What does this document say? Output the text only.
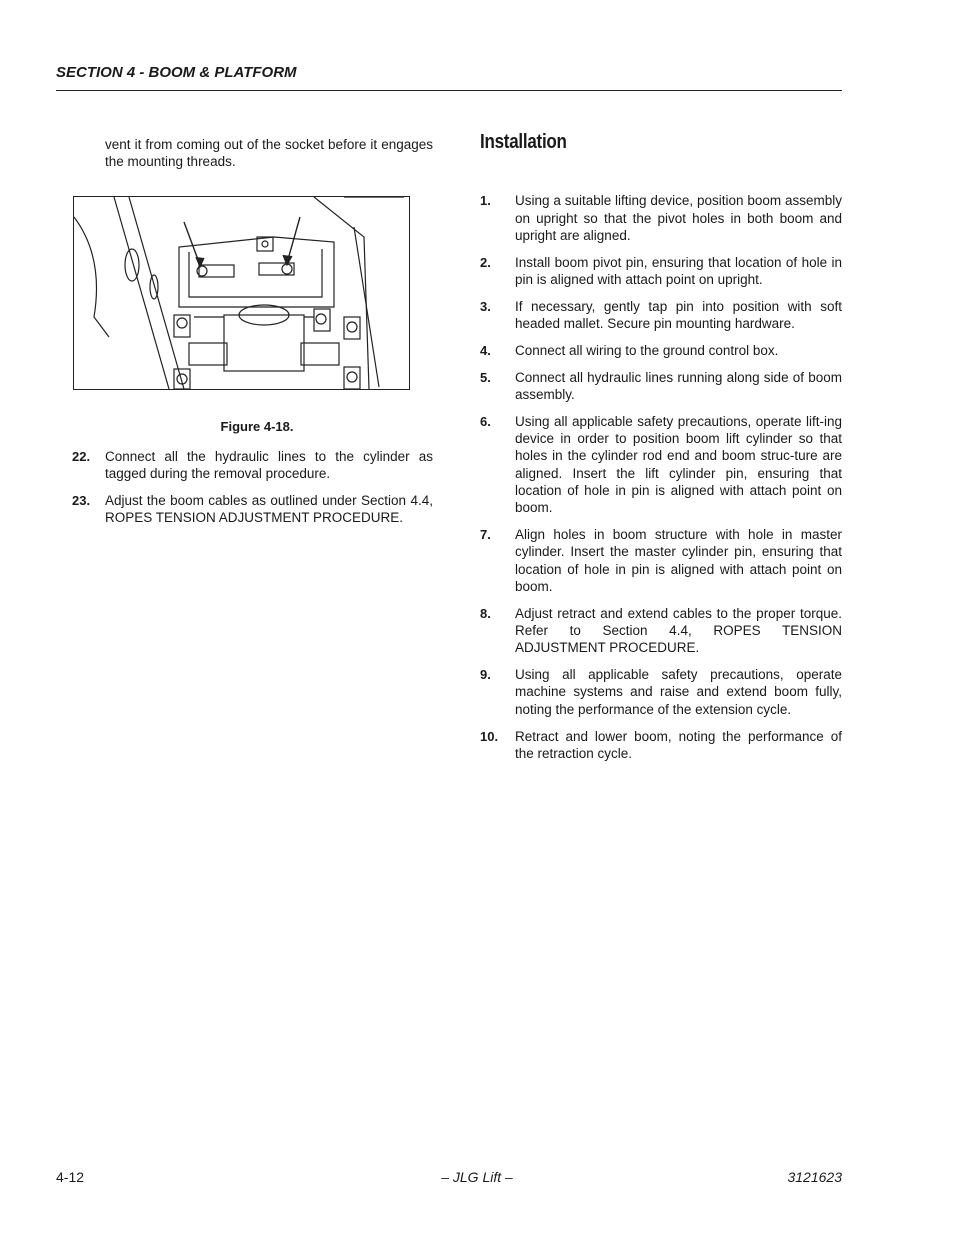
SECTION 4 - BOOM & PLATFORM

vent it from coming out of the socket before it engages the mounting threads.

Figure 4-18.
22.	Connect all the hydraulic lines to the cylinder as tagged during the removal procedure.
23.	Adjust the boom cables as outlined under Section 4.4, ROPES TENSION ADJUSTMENT PROCEDURE.
Installation
1.	Using a suitable lifting device, position boom assembly on upright so that the pivot holes in both boom and upright are aligned.
2.	Install boom pivot pin, ensuring that location of hole in pin is aligned with attach point on upright.
3.	If necessary, gently tap pin into position with soft headed mallet. Secure pin mounting hardware.
4.	Connect all wiring to the ground control box.
5.	Connect all hydraulic lines running along side of boom assembly.
6.	Using all applicable safety precautions, operate lift-ing device in order to position boom lift cylinder so that holes in the cylinder rod end and boom struc-ture are aligned. Insert the lift cylinder pin, ensuring that location of hole in pin is aligned with attach point on boom.
7.	Align holes in boom structure with hole in master cylinder. Insert the master cylinder pin, ensuring that location of hole in pin is aligned with attach point on boom.
8.	Adjust retract and extend cables to the proper torque. Refer to Section 4.4, ROPES TENSION ADJUSTMENT PROCEDURE.
9.	Using all applicable safety precautions, operate machine systems and raise and extend boom fully, noting the performance of the extension cycle.
10.	Retract and lower boom, noting the performance of the retraction cycle.
– JLG Lift –
4-12	3121623
